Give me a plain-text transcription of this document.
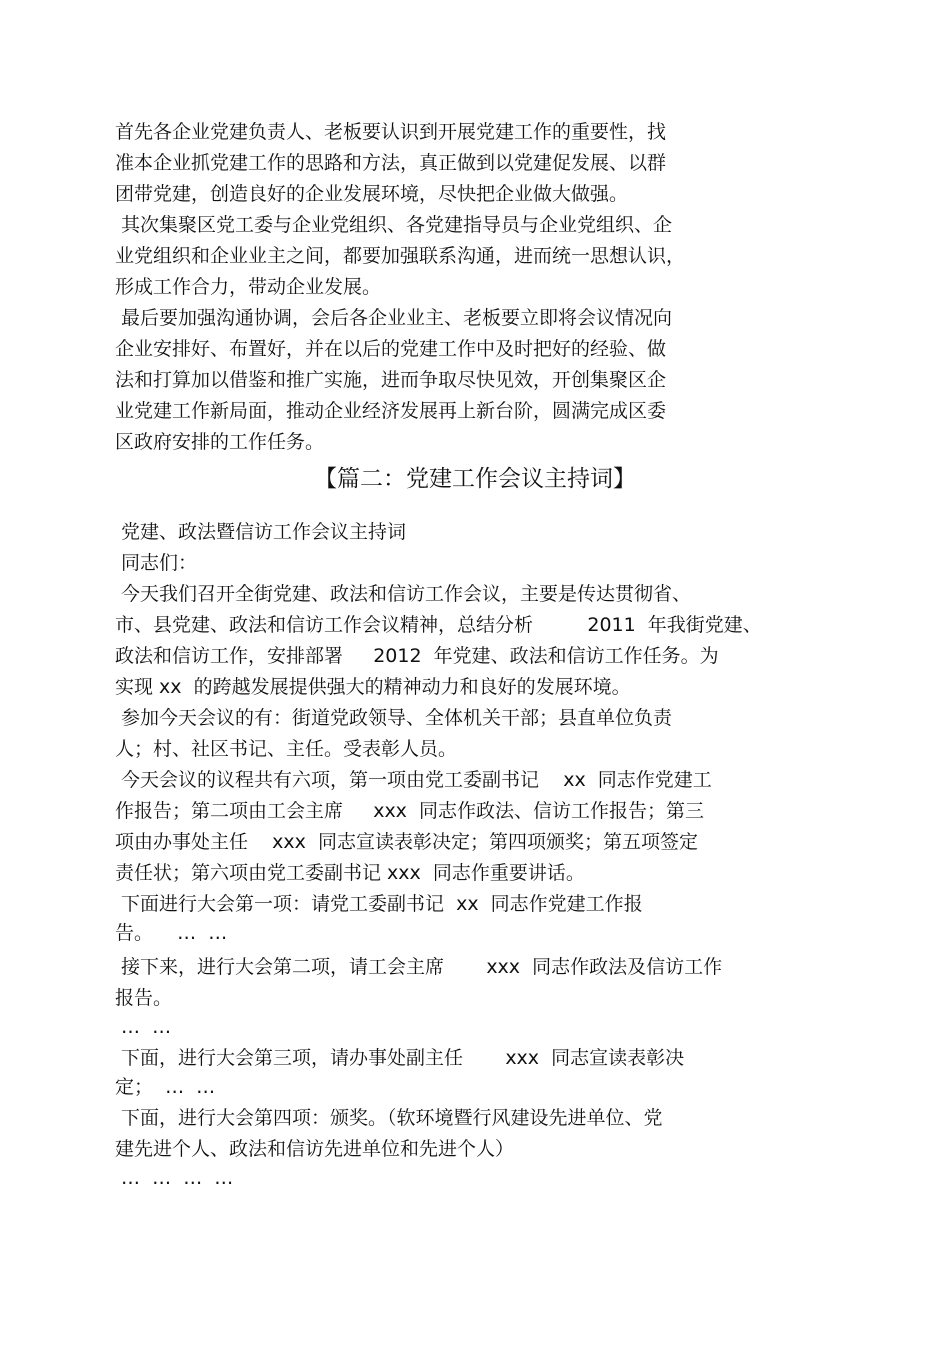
首先各企业党建负责人、老板要认识到开展党建工作的重要性，找
准本企业抓党建工作的思路和方法，真正做到以党建促发展、以群
团带党建，创造良好的企业发展环境，尽快把企业做大做强。
其次集聚区党工委与企业党组织、各党建指导员与企业党组织、企
业党组织和企业业主之间，都要加强联系沟通，进而统一思想认识，
形成工作合力，带动企业发展。
最后要加强沟通协调，会后各企业业主、老板要立即将会议情况向
企业安排好、布置好，并在以后的党建工作中及时把好的经验、做
法和打算加以借鉴和推广实施，进而争取尽快见效，开创集聚区企
业党建工作新局面，推动企业经济发展再上新台阶，圆满完成区委
区政府安排的工作任务。
【篇二：党建工作会议主持词】
党建、政法暨信访工作会议主持词
同志们：
今天我们召开全街党建、政法和信访工作会议，主要是传达贯彻省、
市、县党建、政法和信访工作会议精神，总结分析         2011  年我街党建、
政法和信访工作，安排部署     2012  年党建、政法和信访工作任务。为
实现 xx  的跨越发展提供强大的精神动力和良好的发展环境。
参加今天会议的有：街道党政领导、全体机关干部；县直单位负责
人；村、社区书记、主任。受表彰人员。
今天会议的议程共有六项，第一项由党工委副书记    xx  同志作党建工
作报告；第二项由工会主席     xxx  同志作政法、信访工作报告；第三
项由办事处主任    xxx  同志宣读表彰决定；第四项颁奖；第五项签定
责任状；第六项由党工委副书记 xxx  同志作重要讲话。
下面进行大会第一项：请党工委副书记  xx  同志作党建工作报
告。    …  …
接下来，进行大会第二项，请工会主席       xxx  同志作政法及信访工作
报告。
…  …
下面，进行大会第三项，请办事处副主任       xxx  同志宣读表彰决
定；  …  …
下面，进行大会第四项：颁奖。（软环境暨行风建设先进单位、党
建先进个人、政法和信访先进单位和先进个人）
…  …  …  …
